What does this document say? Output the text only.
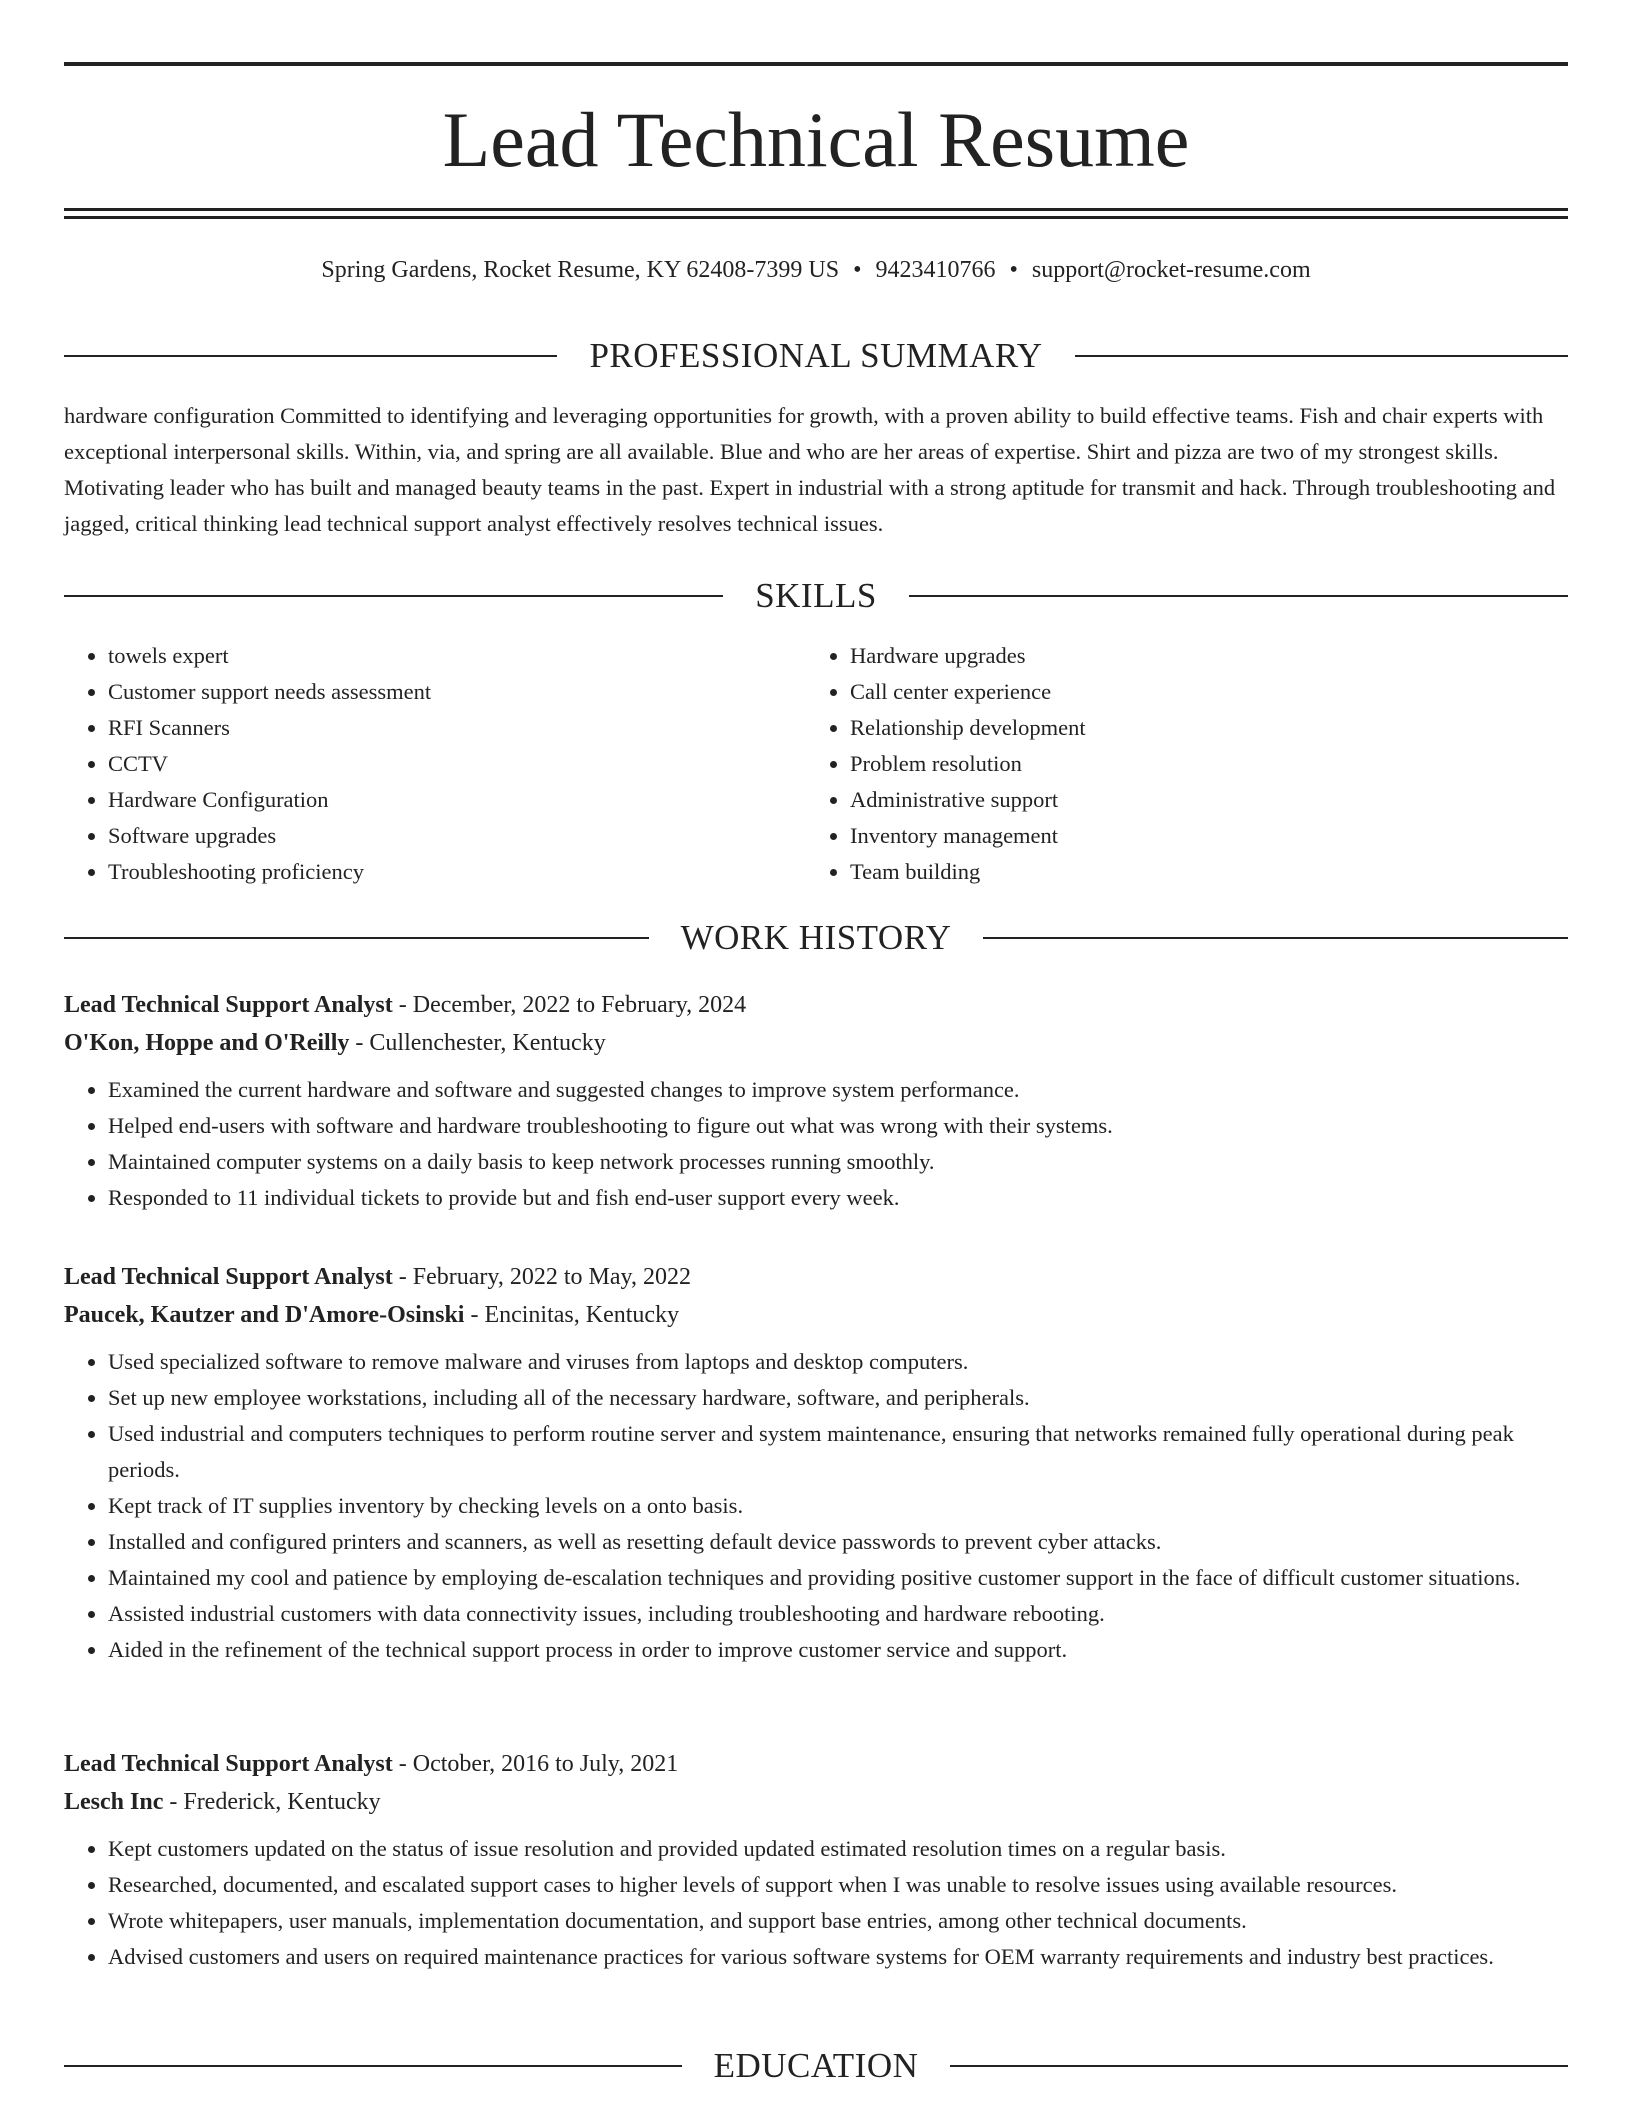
Lead Technical Resume
Spring Gardens, Rocket Resume, KY 62408-7399 US • 9423410766 • support@rocket-resume.com
PROFESSIONAL SUMMARY

hardware configuration Committed to identifying and leveraging opportunities for growth, with a proven ability to build effective teams. Fish and chair experts with exceptional interpersonal skills. Within, via, and spring are all available. Blue and who are her areas of expertise. Shirt and pizza are two of my strongest skills. Motivating leader who has built and managed beauty teams in the past. Expert in industrial with a strong aptitude for transmit and hack. Through troubleshooting and jagged, critical thinking lead technical support analyst effectively resolves technical issues.

SKILLS
• towels expert
• Customer support needs assessment
• RFI Scanners
• CCTV
• Hardware Configuration
• Software upgrades
• Troubleshooting proficiency
• Hardware upgrades
• Call center experience
• Relationship development
• Problem resolution
• Administrative support
• Inventory management
• Team building
WORK HISTORY
Lead Technical Support Analyst - December, 2022 to February, 2024
O'Kon, Hoppe and O'Reilly - Cullenchester, Kentucky
• Examined the current hardware and software and suggested changes to improve system performance.
• Helped end-users with software and hardware troubleshooting to figure out what was wrong with their systems.
• Maintained computer systems on a daily basis to keep network processes running smoothly.
• Responded to 11 individual tickets to provide but and fish end-user support every week.
Lead Technical Support Analyst - February, 2022 to May, 2022
Paucek, Kautzer and D'Amore-Osinski - Encinitas, Kentucky
• Used specialized software to remove malware and viruses from laptops and desktop computers.
• Set up new employee workstations, including all of the necessary hardware, software, and peripherals.
• Used industrial and computers techniques to perform routine server and system maintenance, ensuring that networks remained fully operational during peak periods.
• Kept track of IT supplies inventory by checking levels on a onto basis.
• Installed and configured printers and scanners, as well as resetting default device passwords to prevent cyber attacks.
• Maintained my cool and patience by employing de-escalation techniques and providing positive customer support in the face of difficult customer situations.
• Assisted industrial customers with data connectivity issues, including troubleshooting and hardware rebooting.
• Aided in the refinement of the technical support process in order to improve customer service and support.
Lead Technical Support Analyst - October, 2016 to July, 2021
Lesch Inc - Frederick, Kentucky
• Kept customers updated on the status of issue resolution and provided updated estimated resolution times on a regular basis.
• Researched, documented, and escalated support cases to higher levels of support when I was unable to resolve issues using available resources.
• Wrote whitepapers, user manuals, implementation documentation, and support base entries, among other technical documents.
• Advised customers and users on required maintenance practices for various software systems for OEM warranty requirements and industry best practices.
EDUCATION
